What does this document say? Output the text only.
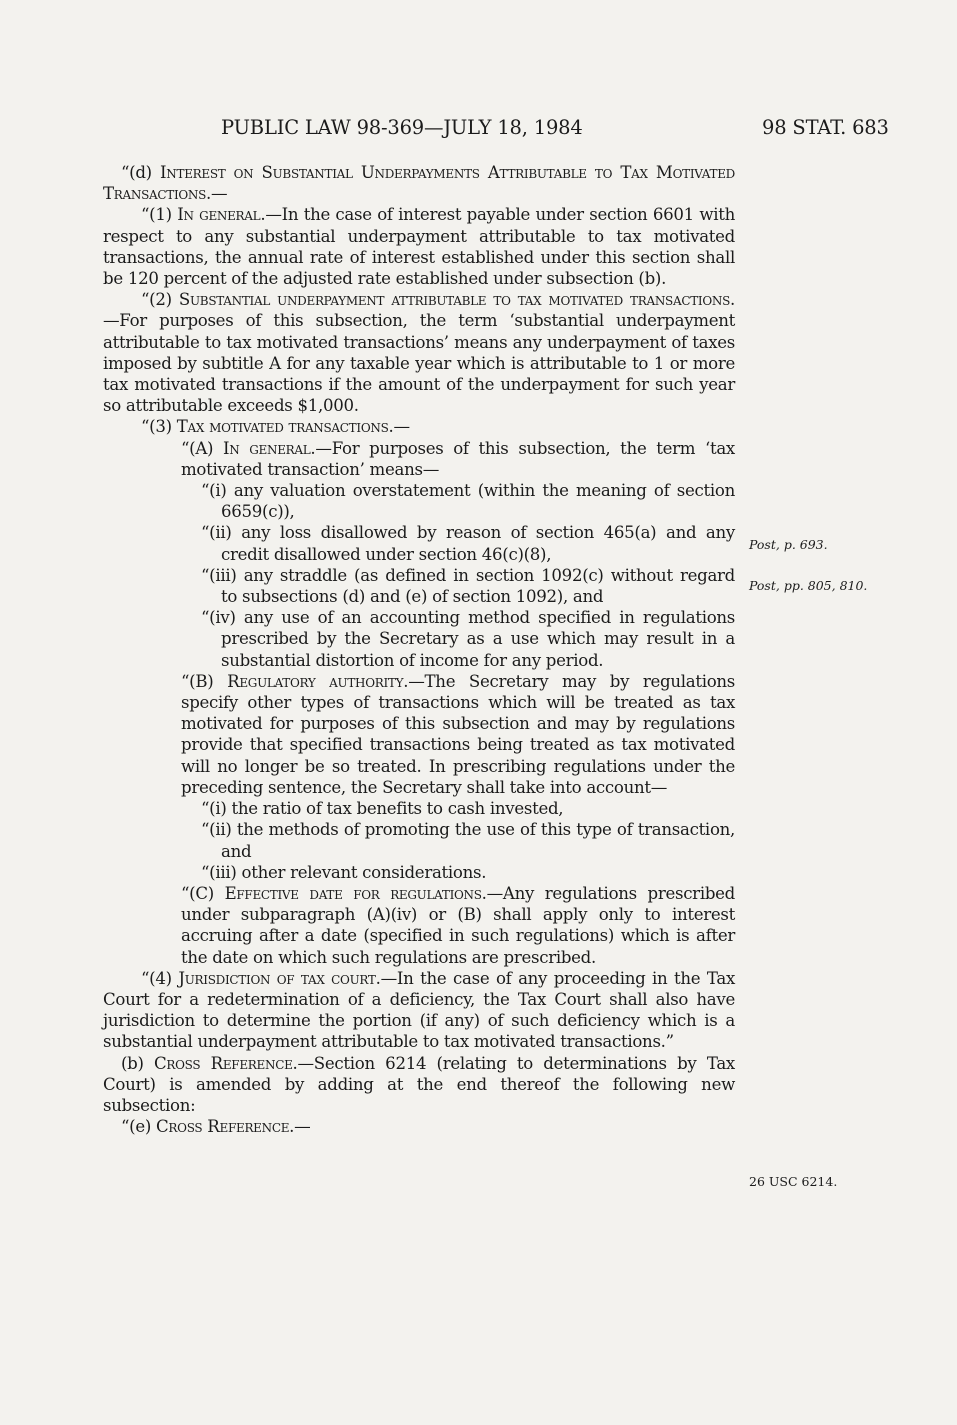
PUBLIC LAW 98-369—JULY 18, 1984	98 STAT. 683

“(d) Interest on Substantial Underpayments Attributable to Tax Motivated Transactions.—

“(1) In general.—In the case of interest payable under section 6601 with respect to any substantial underpayment attributable to tax motivated transactions, the annual rate of interest established under this section shall be 120 percent of the adjusted rate established under subsection (b).

“(2) Substantial underpayment attributable to tax motivated transactions.—For purposes of this subsection, the term ‘substantial underpayment attributable to tax motivated transactions’ means any underpayment of taxes imposed by subtitle A for any taxable year which is attributable to 1 or more tax motivated transactions if the amount of the underpayment for such year so attributable exceeds $1,000.

“(3) Tax motivated transactions.—

“(A) In general.—For purposes of this subsection, the term ‘tax motivated transaction’ means—

“(i) any valuation overstatement (within the meaning of section 6659(c)),

“(ii) any loss disallowed by reason of section 465(a) and any credit disallowed under section 46(c)(8),

“(iii) any straddle (as defined in section 1092(c) without regard to subsections (d) and (e) of section 1092), and

“(iv) any use of an accounting method specified in regulations prescribed by the Secretary as a use which may result in a substantial distortion of income for any period.

“(B) Regulatory authority.—The Secretary may by regulations specify other types of transactions which will be treated as tax motivated for purposes of this subsection and may by regulations provide that specified transactions being treated as tax motivated will no longer be so treated. In prescribing regulations under the preceding sentence, the Secretary shall take into account—

“(i) the ratio of tax benefits to cash invested,

“(ii) the methods of promoting the use of this type of transaction, and

“(iii) other relevant considerations.

“(C) Effective date for regulations.—Any regulations prescribed under subparagraph (A)(iv) or (B) shall apply only to interest accruing after a date (specified in such regulations) which is after the date on which such regulations are prescribed.

“(4) Jurisdiction of tax court.—In the case of any proceeding in the Tax Court for a redetermination of a deficiency, the Tax Court shall also have jurisdiction to determine the portion (if any) of such deficiency which is a substantial underpayment attributable to tax motivated transactions.”

(b) Cross Reference.—Section 6214 (relating to determinations by Tax Court) is amended by adding at the end thereof the following new subsection:

“(e) Cross Reference.—

Post, p. 693.
Post, pp. 805, 810.
26 USC 6214.
